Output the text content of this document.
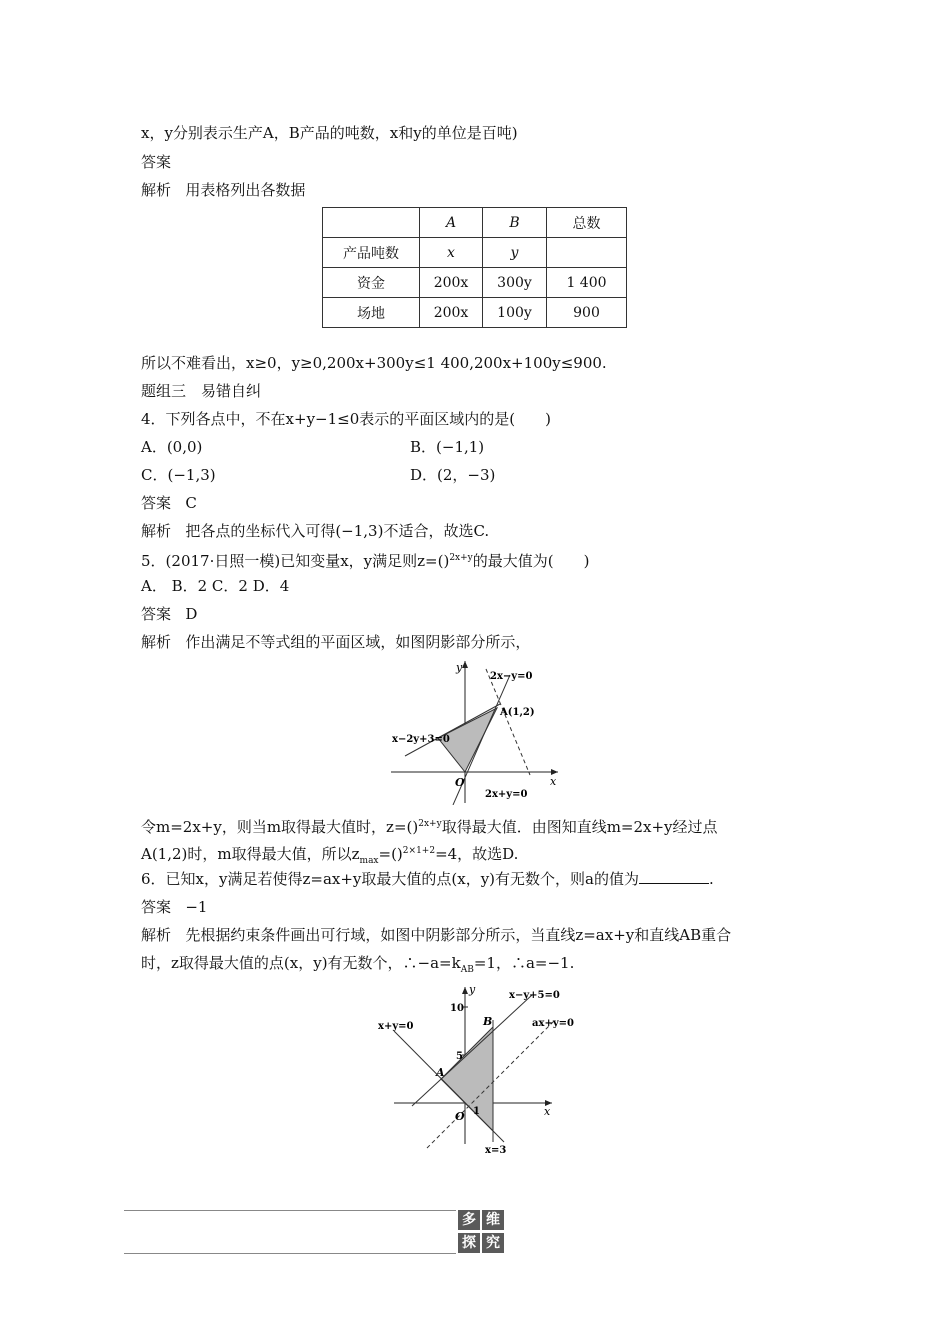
x，y分别表示生产A，B产品的吨数，x和y的单位是百吨)
答案
解析 用表格列出各数据
	A	B	总数
产品吨数	x	y	
资金	200x	300y	1 400
场地	200x	100y	900
所以不难看出，x≥0，y≥0,200x+300y≤1 400,200x+100y≤900.
题组三　易错自纠
4．下列各点中，不在x+y−1≤0表示的平面区域内的是(　　)
A．(0,0)	B．(−1,1)
C．(−1,3)	D．(2，−3)
答案 C
解析 把各点的坐标代入可得(−1,3)不适合，故选C.
5．(2017·日照一模)已知变量x，y满足则z=()$^{2x+y}$的最大值为(　　)
A． B．2 C．2 D．4
答案 D
解析 作出满足不等式组的平面区域，如图阴影部分所示，
y
x
O
2x−y=0
A(1,2)
x−2y+3=0
2x+y=0
令m=2x+y，则当m取得最大值时，z=()$^{2x+y}$取得最大值．由图知直线m=2x+y经过点
A(1,2)时，m取得最大值，所以$z_{max}=()^{2\times 1+2}=4$，故选D.
6．已知x，y满足若使得z=ax+y取最大值的点(x，y)有无数个，则a的值为	.
答案 −1
解析 先根据约束条件画出可行域，如图中阴影部分所示，当直线z=ax+y和直线AB重合
时，z取得最大值的点(x，y)有无数个，$\therefore-a=k_{AB}=1$，∴a=−1.
y
x
O
10
5
1
A
B
x−y+5=0
x+y=0	ax+y=0
x=3
多 维
探 究
